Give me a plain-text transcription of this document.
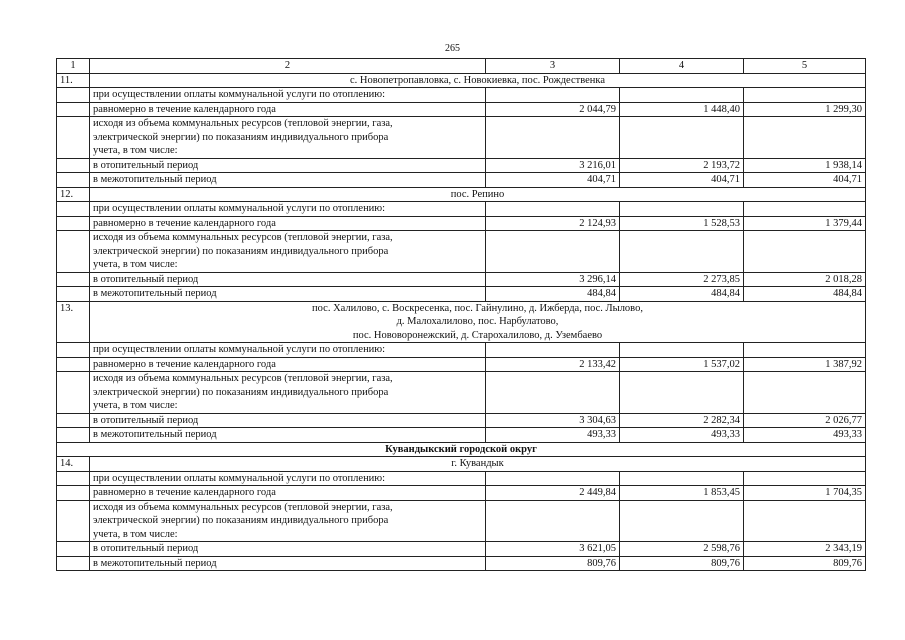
265
1	2	3	4	5
11.	с. Новопетропавловка, с. Новокиевка, пос. Рождественка			
	при осуществлении оплаты коммунальной услуги по отоплению:			
	равномерно в течение календарного года	2 044,79	1 448,40	1 299,30

	исходя из объема коммунальных ресурсов (тепловой энергии, газа,
электрической энергии) по показаниям индивидуального прибора
учета, в том числе:			

	в отопительный период	3 216,01	2 193,72	1 938,14
	в межотопительный период	404,71	404,71	404,71
12.	пос. Репино			
	при осуществлении оплаты коммунальной услуги по отоплению:			
	равномерно в течение календарного года	2 124,93	1 528,53	1 379,44

	исходя из объема коммунальных ресурсов (тепловой энергии, газа,
электрической энергии) по показаниям индивидуального прибора
учета, в том числе:			

	в отопительный период	3 296,14	2 273,85	2 018,28
	в межотопительный период	484,84	484,84	484,84
13.	пос. Халилово, с. Воскресенка, пос. Гайнулино, д. Ижберда, пос. Лылово,
д. Малохалилово, пос. Нарбулатово,
пос. Нововоронежский, д. Старохалилово, д. Узембаево			

	при осуществлении оплаты коммунальной услуги по отоплению:			
	равномерно в течение календарного года	2 133,42	1 537,02	1 387,92

	исходя из объема коммунальных ресурсов (тепловой энергии, газа,
электрической энергии) по показаниям индивидуального прибора
учета, в том числе:			

	в отопительный период	3 304,63	2 282,34	2 026,77
	в межотопительный период	493,33	493,33	493,33
Кувандыкский городской округ				
14.	г. Кувандык			
	при осуществлении оплаты коммунальной услуги по отоплению:			
	равномерно в течение календарного года	2 449,84	1 853,45	1 704,35

	исходя из объема коммунальных ресурсов (тепловой энергии, газа,
электрической энергии) по показаниям индивидуального прибора
учета, в том числе:			

	в отопительный период	3 621,05	2 598,76	2 343,19
	в межотопительный период	809,76	809,76	809,76
